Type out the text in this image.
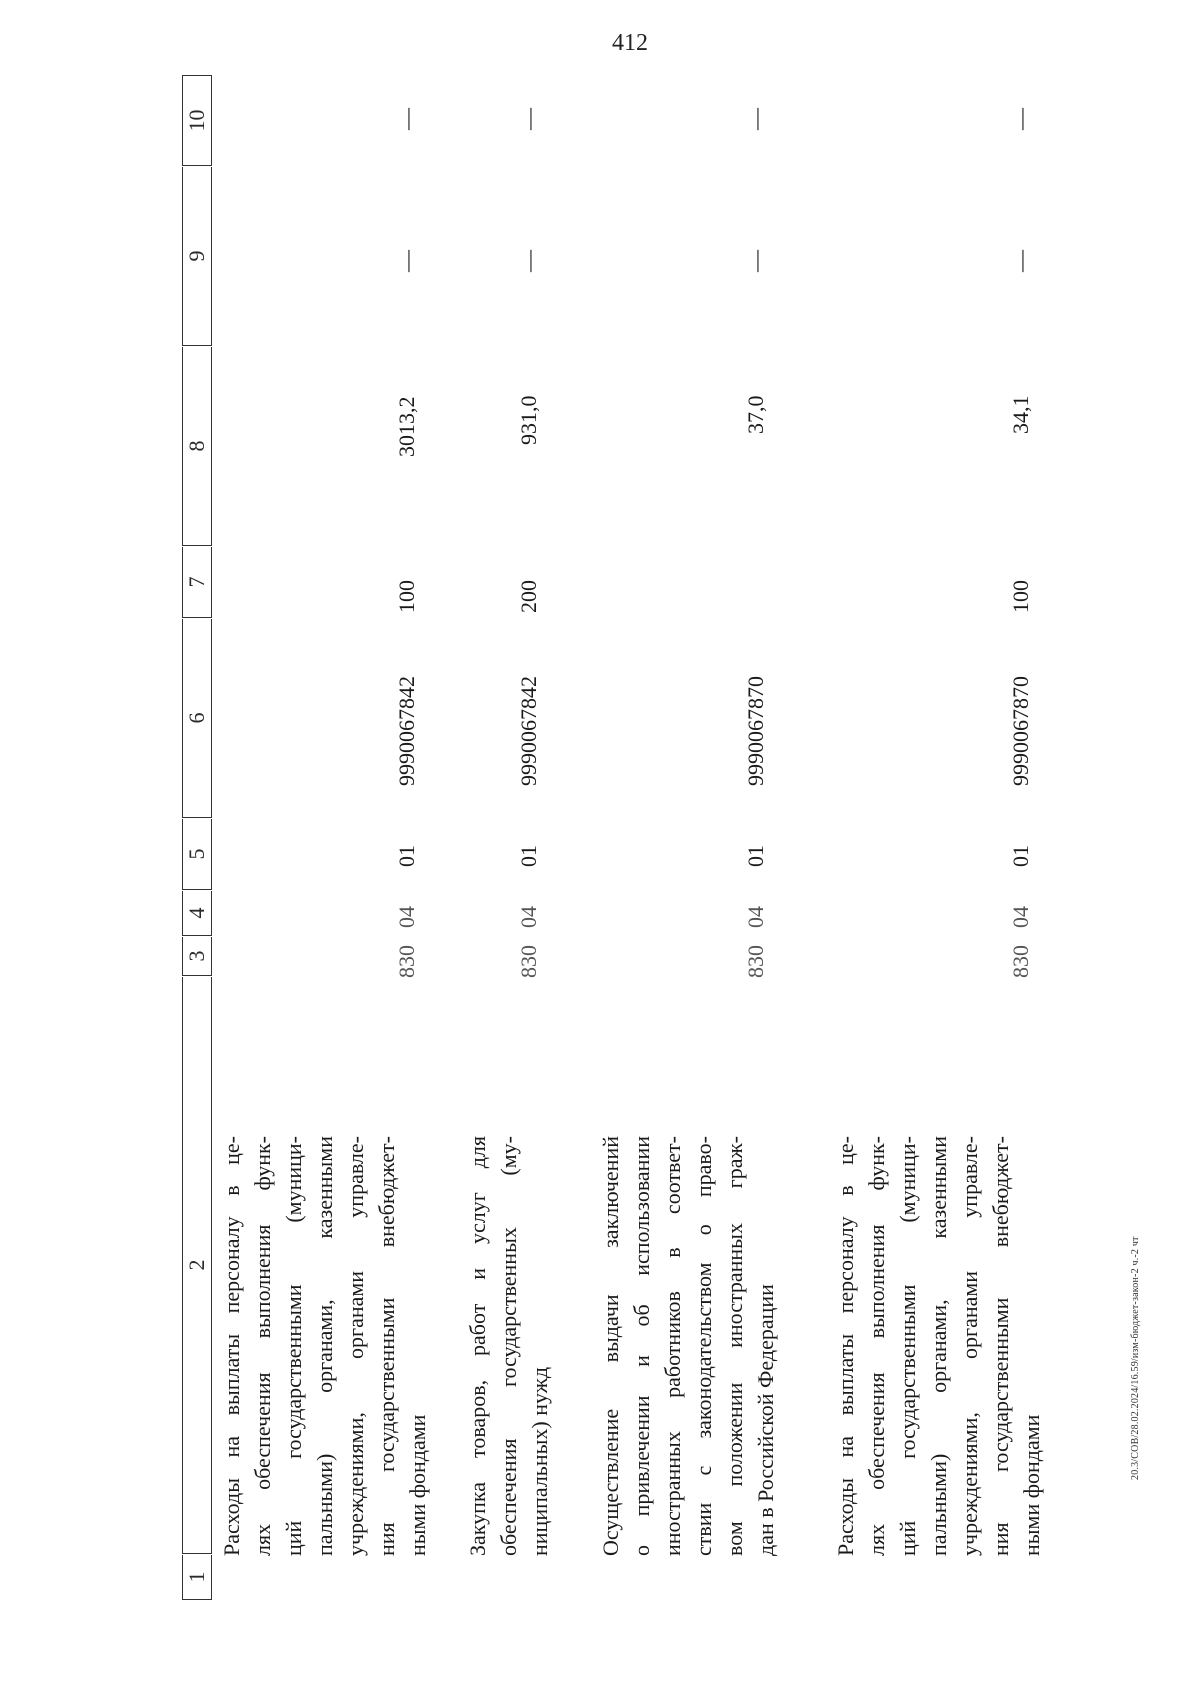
412
20.3/СОВ/28.02.2024/16.59/изм-бюджет-закон-2 ч.-2 чт
1
2
3
4
5
6
7
8
9
10
Расходы на выплаты персоналу в це- лях обеспечения выполнения функ- ций государственными (муници- пальными) органами, казенными учреждениями, органами управле- ния государственными внебюджет- ными фондами
830
04
01
9990067842
100
3013,2
—
—
Закупка товаров, работ и услуг для обеспечения государственных (му- ниципальных) нужд
830
04
01
9990067842
200
931,0
—
—
Осуществление выдачи заключений о привлечении и об использовании иностранных работников в соответ- ствии с законодательством о право- вом положении иностранных граж- дан в Российской Федерации
830
04
01
9990067870
37,0
—
—
Расходы на выплаты персоналу в це- лях обеспечения выполнения функ- ций государственными (муници- пальными) органами, казенными учреждениями, органами управле- ния государственными внебюджет- ными фондами
830
04
01
9990067870
100
34,1
—
—
